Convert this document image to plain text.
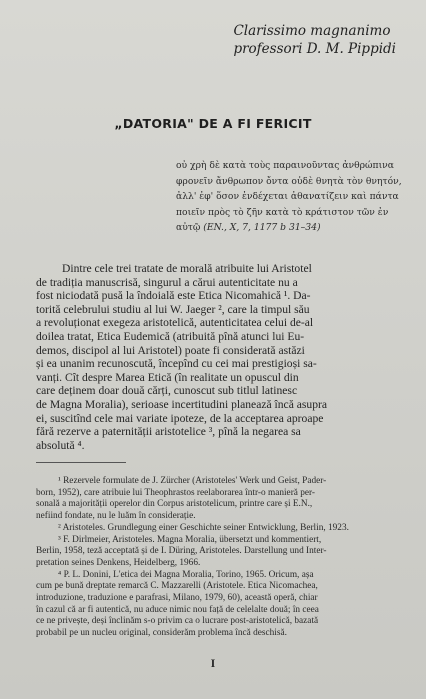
Clarissimo magnanimo
professori D. M. Pippidi
„DATORIA" DE A FI FERICIT

οὐ χρὴ δὲ κατὰ τοὺς παραινοῦντας ἀνθρώπινα

φρονεῖν ἄνθρωπον ὄντα οὐδὲ θνητὰ τὸν θνητόν,

ἀλλ' ἐφ' ὅσον ἐνδέχεται ἀθανατίζειν καὶ πάντα

ποιεῖν πρὸς τὸ ζῆν κατὰ τὸ κράτιστον τῶν ἐν

αὐτῷ (EN., X, 7, 1177 b 31–34)

Dintre cele trei tratate de morală atribuite lui Aristotel

de tradiția manuscrisă, singurul a cărui autenticitate nu a

fost niciodată pusă la îndoială este Etica Nicomahică ¹. Da-

torită celebrului studiu al lui W. Jaeger ², care la timpul său

a revoluționat exegeza aristotelică, autenticitatea celui de-al

doilea tratat, Etica Eudemică (atribuită pînă atunci lui Eu-

demos, discipol al lui Aristotel) poate fi considerată astăzi

și ea unanim recunoscută, începînd cu cei mai prestigioși sa-

vanți. Cît despre Marea Etică (în realitate un opuscul din

care deținem doar două cărți, cunoscut sub titlul latinesc

de Magna Moralia), serioase incertitudini planează încă asupra

ei, suscitînd cele mai variate ipoteze, de la acceptarea aproape

fără rezerve a paternității aristotelice ³, pînă la negarea sa

absolută ⁴.

¹ Rezervele formulate de J. Zürcher (Aristoteles' Werk und Geist, Pader-

born, 1952), care atribuie lui Theophrastos reelaborarea într-o manieră per-

sonală a majorității operelor din Corpus aristotelicum, printre care și E.N.,

nefiind fondate, nu le luăm în considerație.

² Aristoteles. Grundlegung einer Geschichte seiner Entwicklung, Berlin, 1923.

³ F. Dirlmeier, Aristoteles. Magna Moralia, übersetzt und kommentiert,

Berlin, 1958, teză acceptată și de I. Düring, Aristoteles. Darstellung und Inter-

pretation seines Denkens, Heidelberg, 1966.

⁴ P. L. Donini, L'etica dei Magna Moralia, Torino, 1965. Oricum, așa

cum pe bună dreptate remarcă C. Mazzarelli (Aristotele. Etica Nicomachea,

introduzione, traduzione e parafrasi, Milano, 1979, 60), această operă, chiar

în cazul că ar fi autentică, nu aduce nimic nou față de celelalte două; în ceea

ce ne privește, deși înclinăm s-o privim ca o lucrare post-aristotelică, bazată

probabil pe un nucleu original, considerăm problema încă deschisă.

I
